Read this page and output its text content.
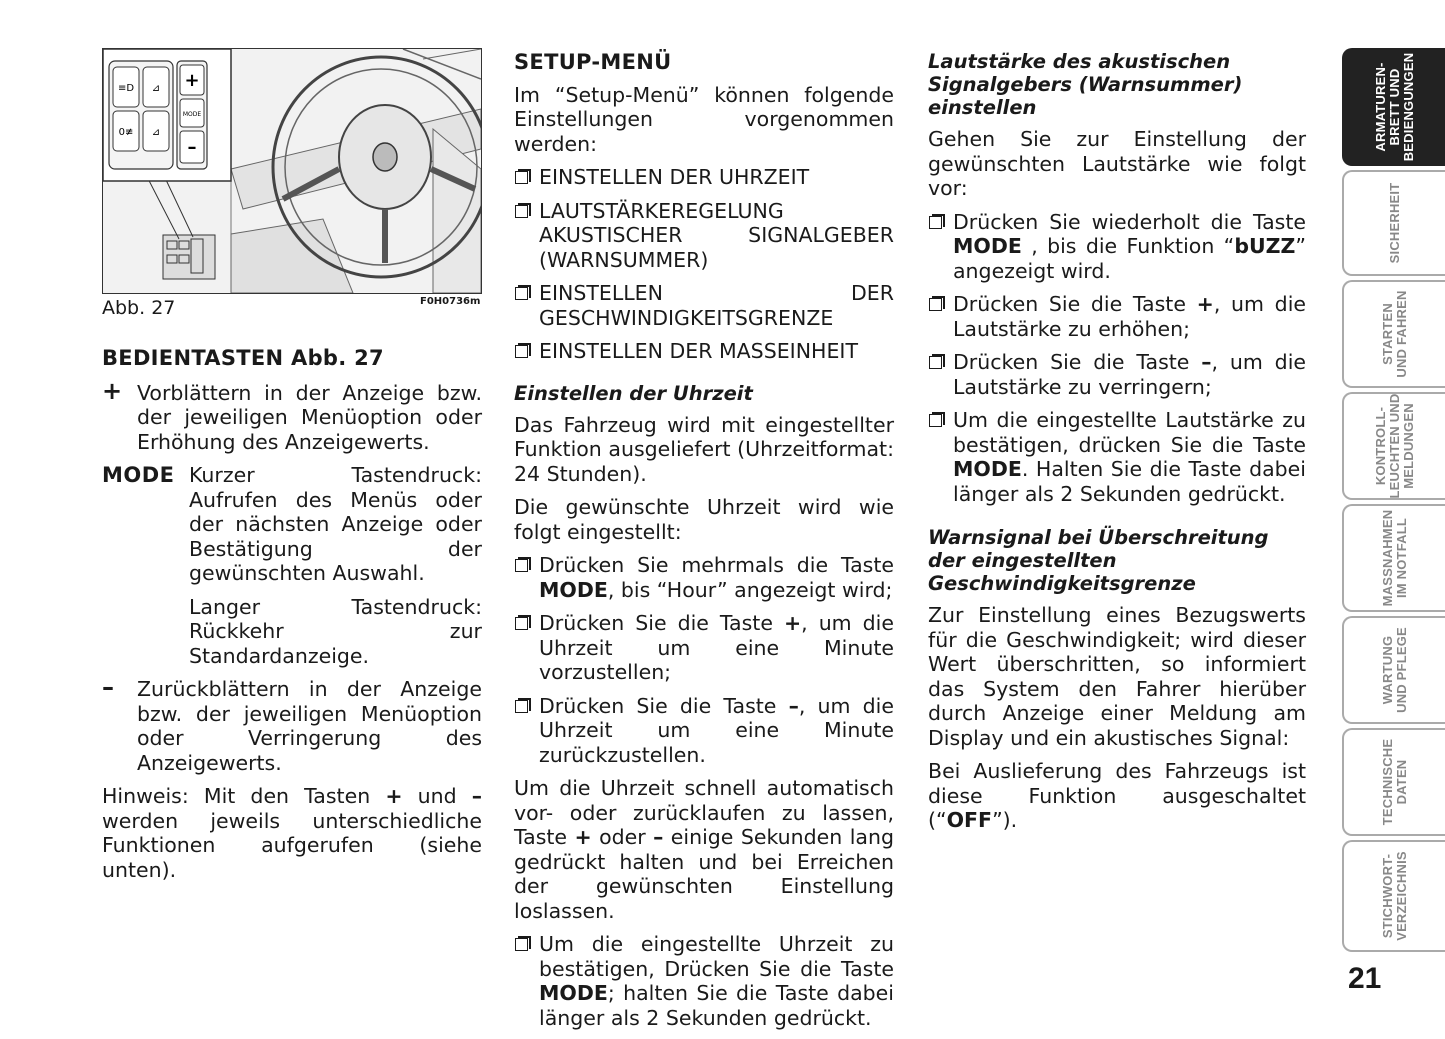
≡D ⊿
0≢ ⊿
+
MODE
–
Abb. 27	F0H0736m
BEDIENTASTEN Abb. 27
+ Vorblättern in der Anzeige bzw. der jeweiligen Menüoption oder Erhöhung des Anzeigewerts.
MODE Kurzer Tastendruck: Aufrufen des Menüs oder der nächsten Anzeige oder Bestätigung der gewünschten Auswahl.

Langer Tastendruck: Rückkehr zur Standardanzeige.

– Zurückblättern in der Anzeige bzw. der jeweiligen Menüoption oder Verringerung des Anzeigewerts.

Hinweis: Mit den Tasten + und – werden jeweils unterschiedliche Funktionen aufgerufen (siehe unten).

SETUP-MENÜ

Im “Setup-Menü” können folgende Einstellungen vorgenommen werden:

EINSTELLEN DER UHRZEIT
LAUTSTÄRKEREGELUNG AKUSTISCHER SIGNALGEBER (WARNSUMMER)
EINSTELLEN DER GESCHWINDIGKEITSGRENZE
EINSTELLEN DER MASSEINHEIT
Einstellen der Uhrzeit

Das Fahrzeug wird mit eingestellter Funktion ausgeliefert (Uhrzeitformat: 24 Stunden).

Die gewünschte Uhrzeit wird wie folgt eingestellt:

Drücken Sie mehrmals die Taste MODE, bis “Hour” angezeigt wird;
Drücken Sie die Taste +, um die Uhrzeit um eine Minute vorzustellen;
Drücken Sie die Taste –, um die Uhrzeit um eine Minute zurückzustellen.

Um die Uhrzeit schnell automatisch vor- oder zurücklaufen zu lassen, Taste + oder – einige Sekunden lang gedrückt halten und bei Erreichen der gewünschten Einstellung loslassen.

Um die eingestellte Uhrzeit zu bestätigen, Drücken Sie die Taste MODE; halten Sie die Taste dabei länger als 2 Sekunden gedrückt.
Lautstärke des akustischen Signalgebers (Warnsummer) einstellen

Gehen Sie zur Einstellung der gewünschten Lautstärke wie folgt vor:

Drücken Sie wiederholt die Taste MODE , bis die Funktion “bUZZ” angezeigt wird.
Drücken Sie die Taste +, um die Lautstärke zu erhöhen;
Drücken Sie die Taste –, um die Lautstärke zu verringern;
Um die eingestellte Lautstärke zu bestätigen, drücken Sie die Taste MODE. Halten Sie die Taste dabei länger als 2 Sekunden gedrückt.
Warnsignal bei Überschreitung der eingestellten Geschwindigkeitsgrenze

Zur Einstellung eines Bezugswerts für die Geschwindigkeit; wird dieser Wert überschritten, so informiert das System den Fahrer hierüber durch Anzeige einer Meldung am Display und ein akustisches Signal:

Bei Auslieferung des Fahrzeugs ist diese Funktion ausgeschaltet (“OFF”).

ARMATUREN-
BRETT UND
BEDIENGUNGEN
SICHERHEIT
STARTEN
UND FAHREN
KONTROLL-
LEUCHTEN UND
MELDUNGEN
MASSNAHMEN
IM NOTFALL
WARTUNG
UND PFLEGE
TECHNISCHE
DATEN
STICHWORT-
VERZEICHNIS
21
